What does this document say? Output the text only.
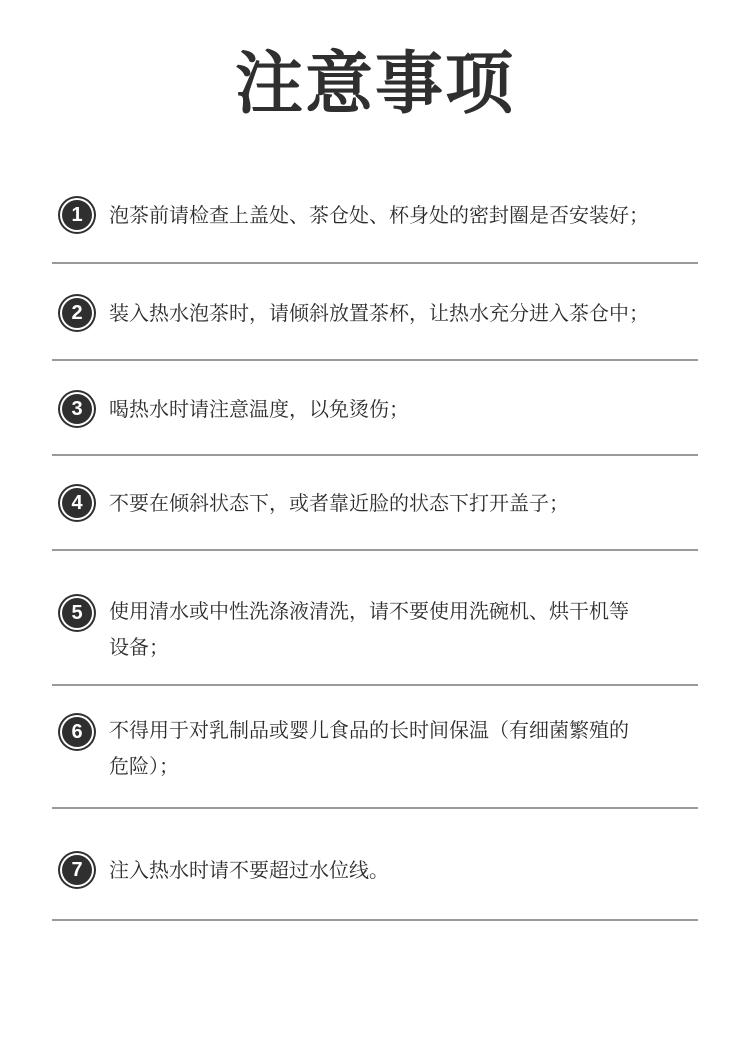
注意事项
1	泡茶前请检查上盖处、茶仓处、杯身处的密封圈是否安装好；
2	装入热水泡茶时，请倾斜放置茶杯，让热水充分进入茶仓中；
3	喝热水时请注意温度，以免烫伤；
4	不要在倾斜状态下，或者靠近脸的状态下打开盖子；
5	使用清水或中性洗涤液清洗，请不要使用洗碗机、烘干机等
设备；
6	不得用于对乳制品或婴儿食品的长时间保温（有细菌繁殖的
危险）；
7	注入热水时请不要超过水位线。
